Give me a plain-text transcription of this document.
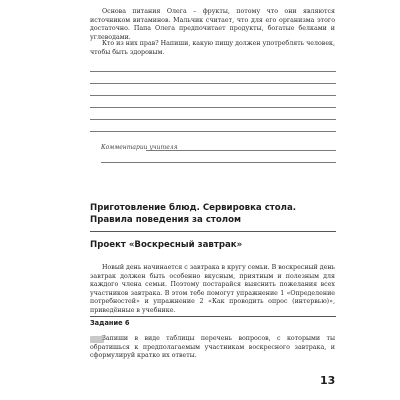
Основа питания Олега – фрукты, потому что они являются источником витаминов. Мальчик считает, что для его организма этого достаточно. Папа Олега предпочитает продукты, богатые белками и углеводами.

Кто из них прав? Напиши, какую пищу должен употреблять человек, чтобы быть здоровым.

Комментарии учителя
Приготовление блюд. Сервировка стола.
Правила поведения за столом
Проект «Воскресный завтрак»

Новый день начинается с завтрака в кругу семьи. В воскресный день завтрак должен быть особенно вкусным, приятным и полезным для каждого члена семьи. Поэтому постарайся выяснить пожелания всех участников завтрака. В этом тебе помогут упражнение 1 «Определение потребностей» и упражнение 2 «Как проводить опрос (интервью)», приведённые в учебнике.

Задание 6

Запиши в виде таблицы перечень вопросов, с которыми ты обратишься к предполагаемым участникам воскресного завтрака, и сформулируй кратко их ответы.

13
